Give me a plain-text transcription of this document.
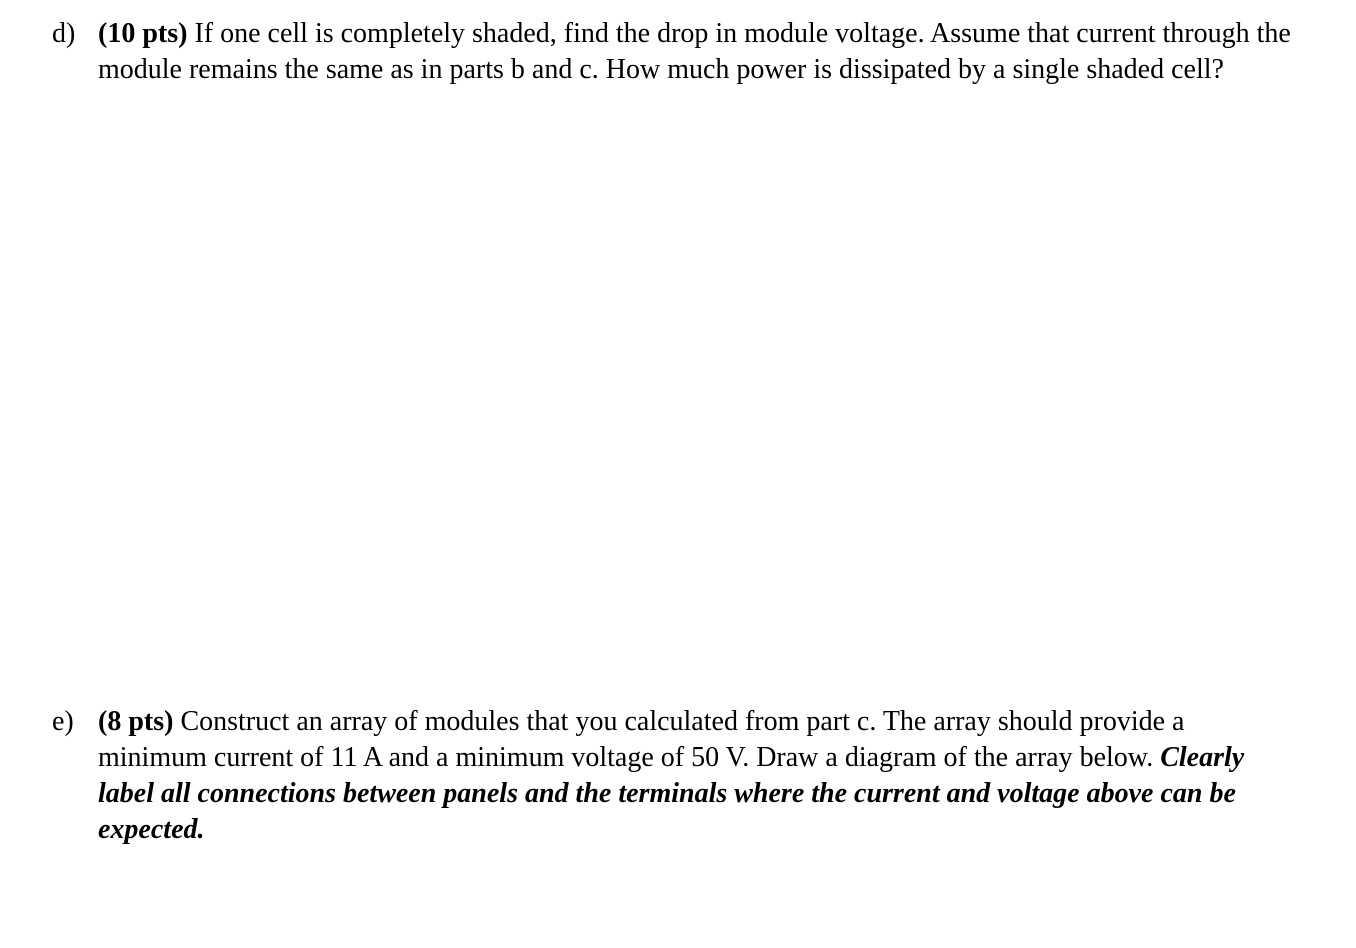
d) (10 pts) If one cell is completely shaded, find the drop in module voltage. Assume that current through the module remains the same as in parts b and c. How much power is dissipated by a single shaded cell?
e) (8 pts) Construct an array of modules that you calculated from part c. The array should provide a minimum current of 11 A and a minimum voltage of 50 V. Draw a diagram of the array below. Clearly label all connections between panels and the terminals where the current and voltage above can be expected.
